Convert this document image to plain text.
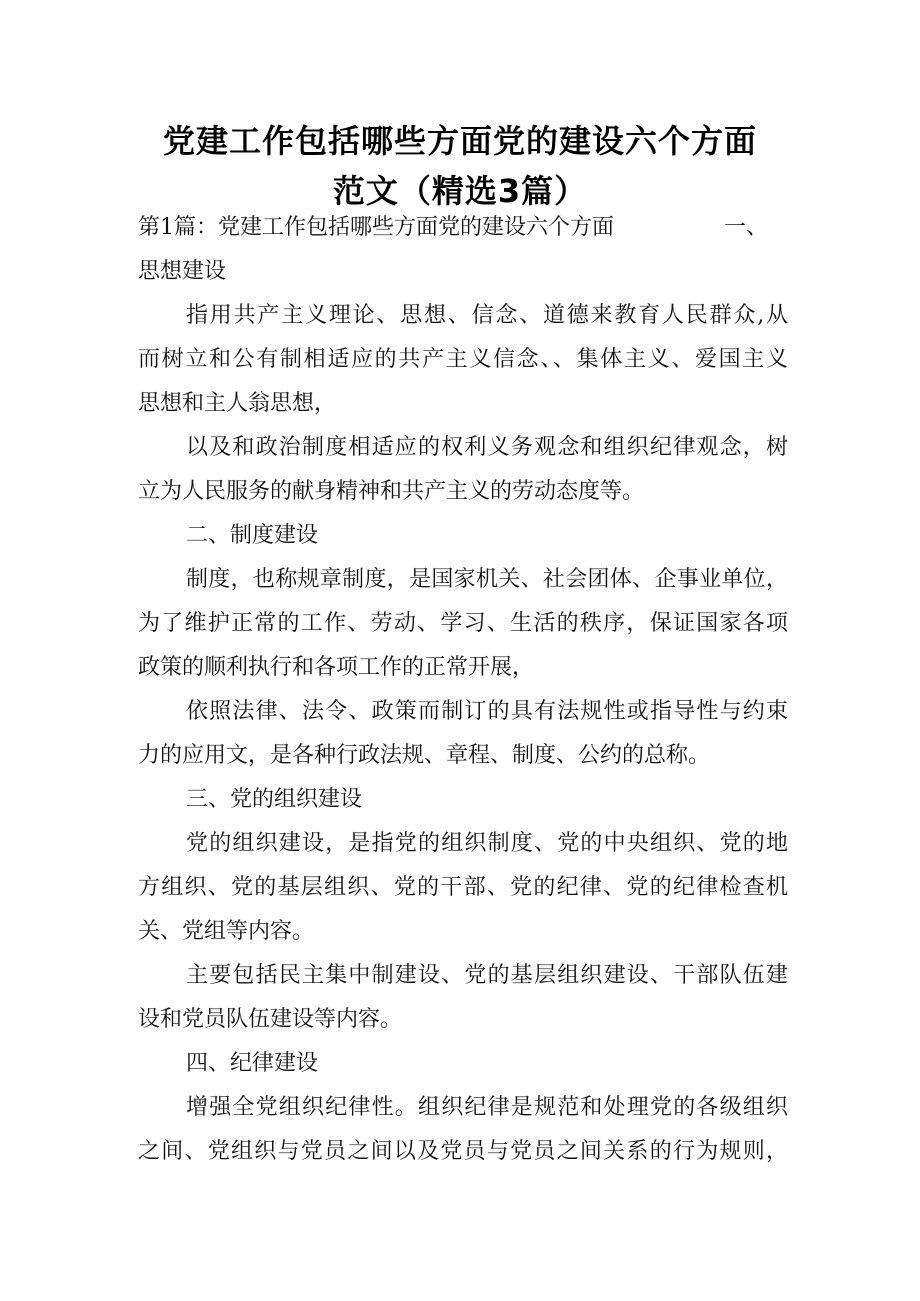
党建工作包括哪些方面党的建设六个方面
范文（精选3篇）
第1篇：党建工作包括哪些方面党的建设六个方面	一、
思想建设
指用共产主义理论、思想、信念、道德来教育人民群众,从
而树立和公有制相适应的共产主义信念、、集体主义、爱国主义
思想和主人翁思想，
以及和政治制度相适应的权利义务观念和组织纪律观念，树
立为人民服务的献身精神和共产主义的劳动态度等。
二、制度建设
制度，也称规章制度，是国家机关、社会团体、企事业单位，
为了维护正常的工作、劳动、学习、生活的秩序，保证国家各项
政策的顺利执行和各项工作的正常开展，
依照法律、法令、政策而制订的具有法规性或指导性与约束
力的应用文，是各种行政法规、章程、制度、公约的总称。
三、党的组织建设
党的组织建设，是指党的组织制度、党的中央组织、党的地
方组织、党的基层组织、党的干部、党的纪律、党的纪律检查机
关、党组等内容。
主要包括民主集中制建设、党的基层组织建设、干部队伍建
设和党员队伍建设等内容。
四、纪律建设
增强全党组织纪律性。组织纪律是规范和处理党的各级组织
之间、党组织与党员之间以及党员与党员之间关系的行为规则，
